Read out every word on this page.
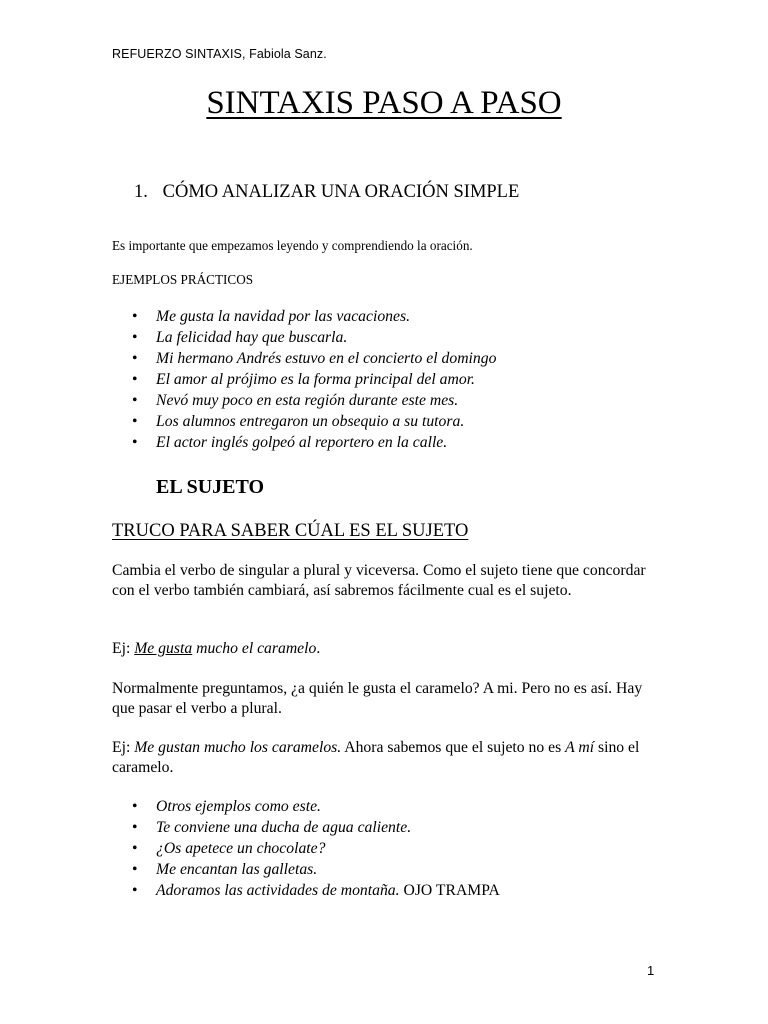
REFUERZO SINTAXIS, Fabiola Sanz.
SINTAXIS PASO A PASO
1. CÓMO ANALIZAR UNA ORACIÓN SIMPLE
Es importante que empezamos leyendo y comprendiendo la oración.
EJEMPLOS PRÁCTICOS
• Me gusta la navidad por las vacaciones.
• La felicidad hay que buscarla.
• Mi hermano Andrés estuvo en el concierto el domingo
• El amor al prójimo es la forma principal del amor.
• Nevó muy poco en esta región durante este mes.
• Los alumnos entregaron un obsequio a su tutora.
• El actor inglés golpeó al reportero en la calle.
EL SUJETO
TRUCO PARA SABER CÚAL ES EL SUJETO
Cambia el verbo de singular a plural y viceversa. Como el sujeto tiene que concordar con el verbo también cambiará, así sabremos fácilmente cual es el sujeto.
Ej: Me gusta mucho el caramelo.
Normalmente preguntamos, ¿a quién le gusta el caramelo? A mi. Pero no es así. Hay que pasar el verbo a plural.
Ej: Me gustan mucho los caramelos. Ahora sabemos que el sujeto no es A mí sino el caramelo.
• Otros ejemplos como este.
• Te conviene una ducha de agua caliente.
• ¿Os apetece un chocolate?
• Me encantan las galletas.
• Adoramos las actividades de montaña. OJO TRAMPA
1
